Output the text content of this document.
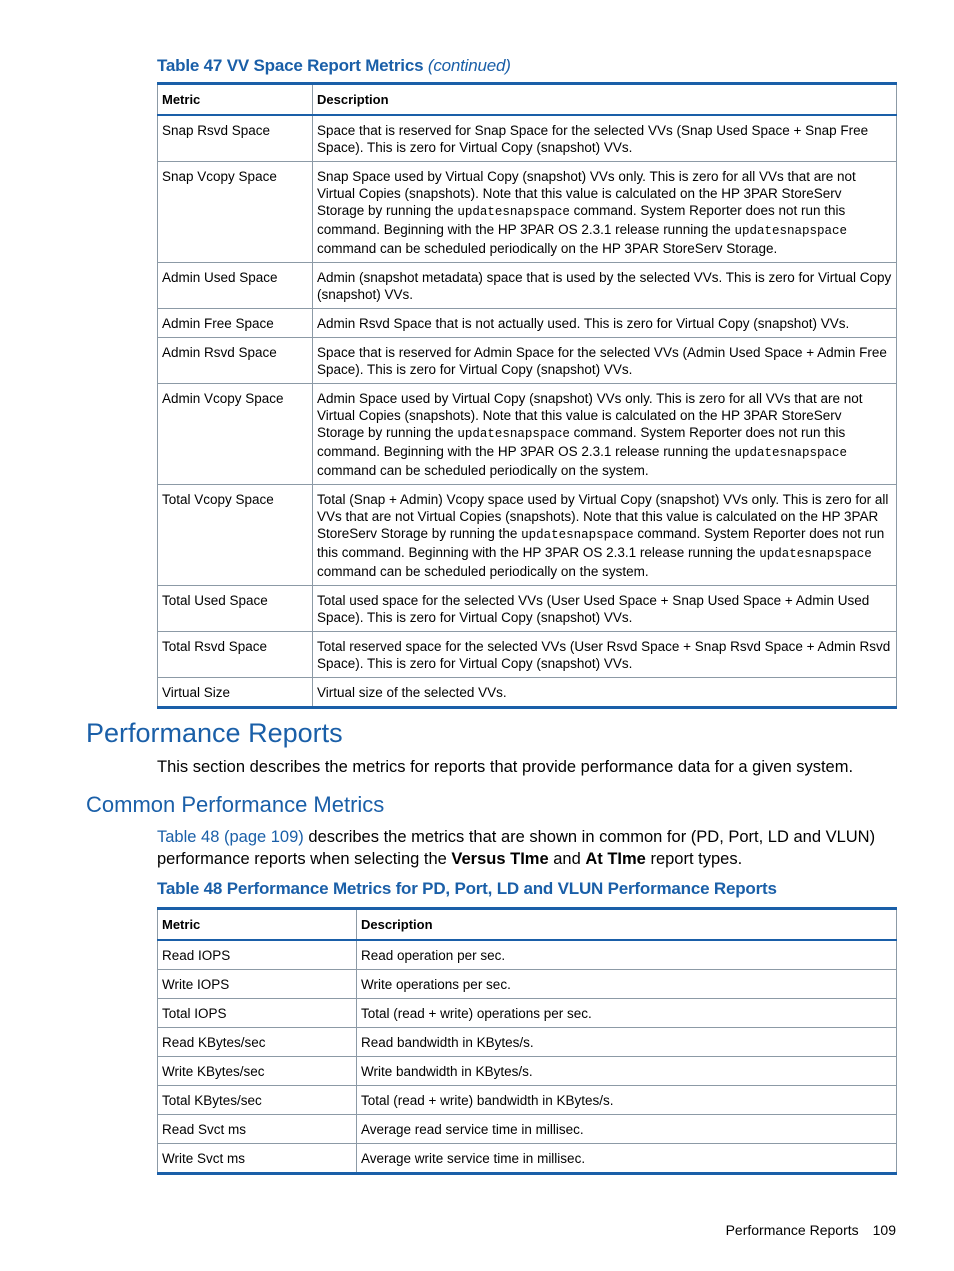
Table 47 VV Space Report Metrics (continued)
Metric	Description
Snap Rsvd Space	Space that is reserved for Snap Space for the selected VVs (Snap Used Space + Snap Free Space). This is zero for Virtual Copy (snapshot) VVs.
Snap Vcopy Space	Snap Space used by Virtual Copy (snapshot) VVs only. This is zero for all VVs that are not Virtual Copies (snapshots). Note that this value is calculated on the HP 3PAR StoreServ Storage by running the updatesnapspace command. System Reporter does not run this command. Beginning with the HP 3PAR OS 2.3.1 release running the updatesnapspace command can be scheduled periodically on the HP 3PAR StoreServ Storage.
Admin Used Space	Admin (snapshot metadata) space that is used by the selected VVs. This is zero for Virtual Copy (snapshot) VVs.
Admin Free Space	Admin Rsvd Space that is not actually used. This is zero for Virtual Copy (snapshot) VVs.
Admin Rsvd Space	Space that is reserved for Admin Space for the selected VVs (Admin Used Space + Admin Free Space). This is zero for Virtual Copy (snapshot) VVs.
Admin Vcopy Space	Admin Space used by Virtual Copy (snapshot) VVs only. This is zero for all VVs that are not Virtual Copies (snapshots). Note that this value is calculated on the HP 3PAR StoreServ Storage by running the updatesnapspace command. System Reporter does not run this command. Beginning with the HP 3PAR OS 2.3.1 release running the updatesnapspace command can be scheduled periodically on the system.
Total Vcopy Space	Total (Snap + Admin) Vcopy space used by Virtual Copy (snapshot) VVs only. This is zero for all VVs that are not Virtual Copies (snapshots). Note that this value is calculated on the HP 3PAR StoreServ Storage by running the updatesnapspace command. System Reporter does not run this command. Beginning with the HP 3PAR OS 2.3.1 release running the updatesnapspace command can be scheduled periodically on the system.
Total Used Space	Total used space for the selected VVs (User Used Space + Snap Used Space + Admin Used Space). This is zero for Virtual Copy (snapshot) VVs.
Total Rsvd Space	Total reserved space for the selected VVs (User Rsvd Space + Snap Rsvd Space + Admin Rsvd Space). This is zero for Virtual Copy (snapshot) VVs.
Virtual Size	Virtual size of the selected VVs.
Performance Reports

This section describes the metrics for reports that provide performance data for a given system.

Common Performance Metrics

Table 48 (page 109) describes the metrics that are shown in common for (PD, Port, LD and VLUN) performance reports when selecting the Versus TIme and At TIme report types.

Table 48 Performance Metrics for PD, Port, LD and VLUN Performance Reports
Metric	Description
Read IOPS	Read operation per sec.
Write IOPS	Write operations per sec.
Total IOPS	Total (read + write) operations per sec.
Read KBytes/sec	Read bandwidth in KBytes/s.
Write KBytes/sec	Write bandwidth in KBytes/s.
Total KBytes/sec	Total (read + write) bandwidth in KBytes/s.
Read Svct ms	Average read service time in millisec.
Write Svct ms	Average write service time in millisec.
Performance Reports 109
